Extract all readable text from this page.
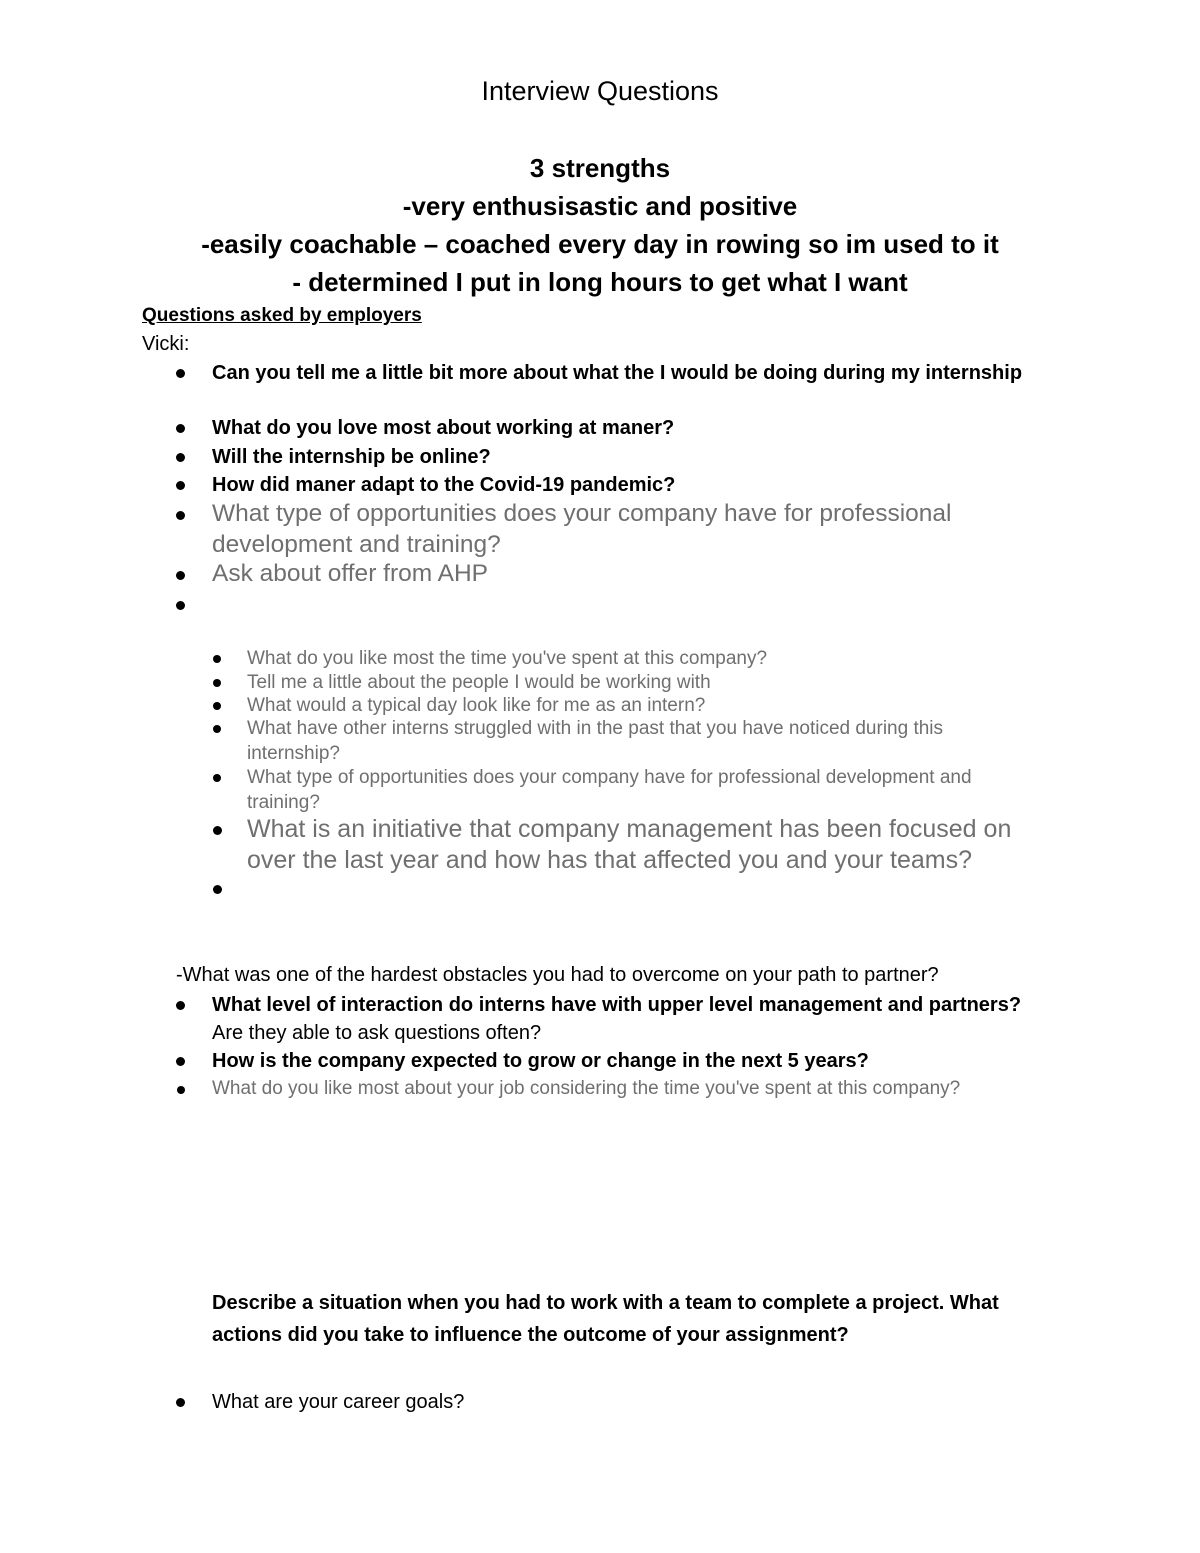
Interview Questions
3 strengths
-very enthusisastic and positive
-easily coachable – coached every day in rowing so im used to it
- determined I put in long hours to get what I want
Questions asked by employers
Vicki:
Can you tell me a little bit more about what the I would be doing during my internship
What do you love most about working at maner?
Will the internship be online?
How did maner adapt to the Covid-19 pandemic?
What type of opportunities does your company have for professional
development and training?
Ask about offer from AHP
What do you like most the time you've spent at this company?
Tell me a little about the people I would be working with
What would a typical day look like for me as an intern?
What have other interns struggled with in the past that you have noticed during this
internship?
What type of opportunities does your company have for professional development and
training?
What is an initiative that company management has been focused on
over the last year and how has that affected you and your teams?
-What was one of the hardest obstacles you had to overcome on your path to partner?
What level of interaction do interns have with upper level management and partners?
Are they able to ask questions often?
How is the company expected to grow or change in the next 5 years?
What do you like most about your job considering the time you've spent at this company?
Describe a situation when you had to work with a team to complete a project. What
actions did you take to influence the outcome of your assignment?
What are your career goals?
